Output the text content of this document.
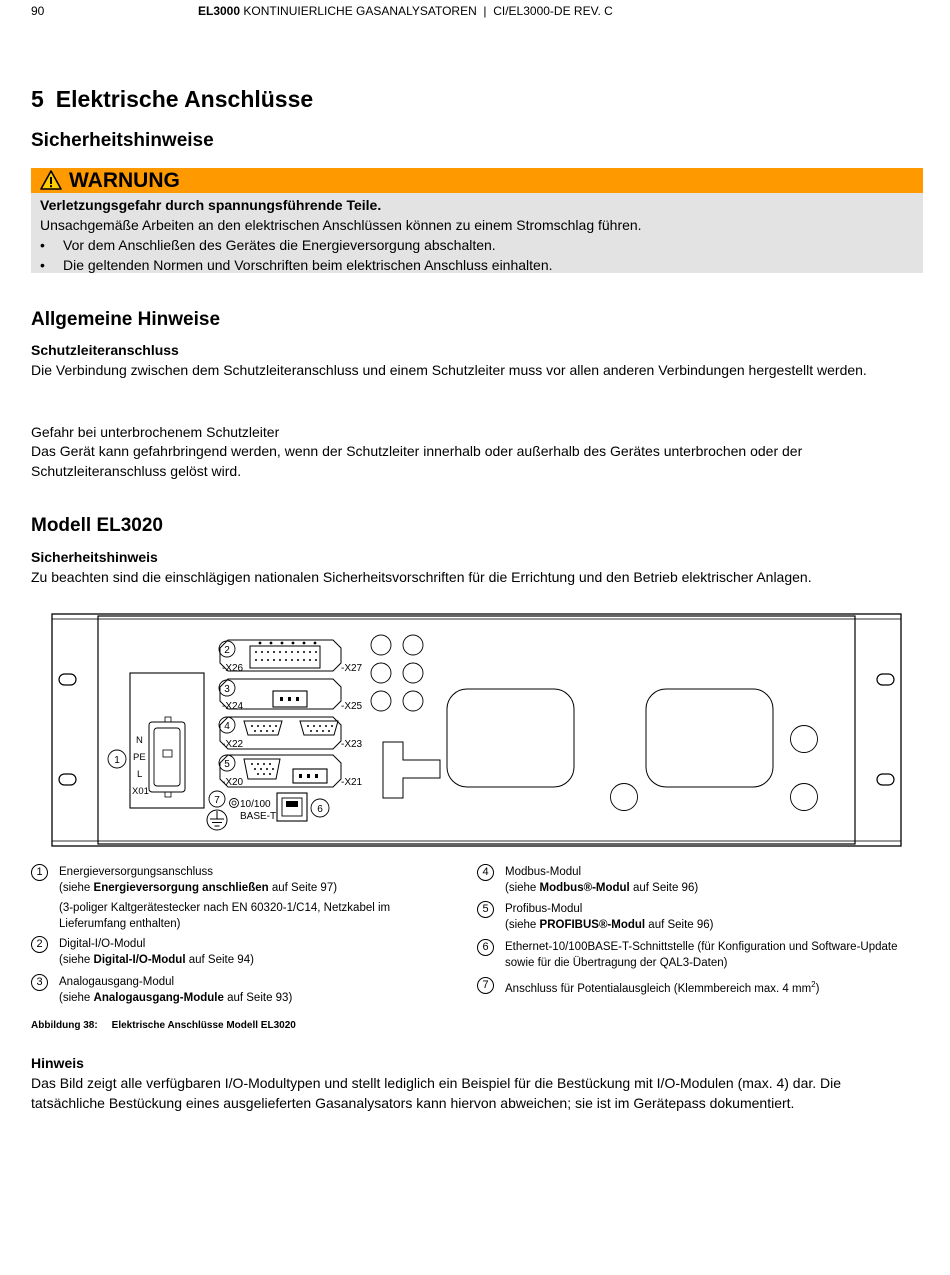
90	EL3000 KONTINUIERLICHE GASANALYSATOREN  |  CI/EL3000-DE REV. C
5 Elektrische Anschlüsse
Sicherheitshinweise
WARNUNG
Verletzungsgefahr durch spannungsführende Teile.
Unsachgemäße Arbeiten an den elektrischen Anschlüssen können zu einem Stromschlag führen.
• Vor dem Anschließen des Gerätes die Energieversorgung abschalten.
• Die geltenden Normen und Vorschriften beim elektrischen Anschluss einhalten.
Allgemeine Hinweise
Schutzleiteranschluss

Die Verbindung zwischen dem Schutzleiteranschluss und einem Schutzleiter muss vor allen anderen Verbindungen hergestellt werden.

Gefahr bei unterbrochenem Schutzleiter

Das Gerät kann gefahrbringend werden, wenn der Schutzleiter innerhalb oder außerhalb des Gerätes unterbrochen oder der Schutzleiteranschluss gelöst wird.

Modell EL3020
Sicherheitshinweis

Zu beachten sind die einschlägigen nationalen Sicherheitsvorschriften für die Errichtung und den Betrieb elektrischer Anlagen.

N
PE
L
X01
1
2
-X26	-X27
3
-X24	-X25
4
-X22	-X23
5
-X20	-X21
10/100
BASE-T
6
7
1	Energieversorgungsanschluss
(siehe Energieversorgung anschließen auf Seite 97)
(3-poliger Kaltgerätestecker nach EN 60320-1/C14, Netzkabel im Lieferumfang enthalten)
2	Digital-I/O-Modul
(siehe Digital-I/O-Modul auf Seite 94)
3	Analogausgang-Modul
(siehe Analogausgang-Module auf Seite 93)
4	Modbus-Modul
(siehe Modbus®-Modul auf Seite 96)
5	Profibus-Modul
(siehe PROFIBUS®-Modul auf Seite 96)
6	Ethernet-10/100BASE-T-Schnittstelle (für Konfiguration und Software-Update sowie für die Übertragung der QAL3-Daten)
7	Anschluss für Potentialausgleich (Klemmbereich max. 4 $mm^2$)
Abbildung 38: Elektrische Anschlüsse Modell EL3020
Hinweis

Das Bild zeigt alle verfügbaren I/O-Modultypen und stellt lediglich ein Beispiel für die Bestückung mit I/O-Modulen (max. 4) dar. Die tatsächliche Bestückung eines ausgelieferten Gasanalysators kann hiervon abweichen; sie ist im Gerätepass dokumentiert.
